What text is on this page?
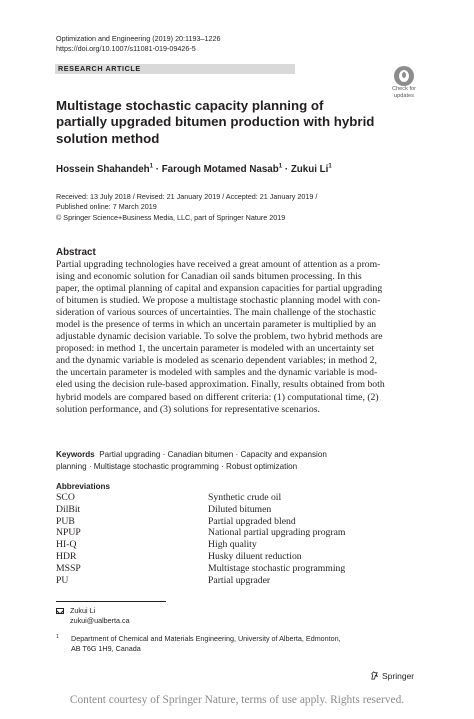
Optimization and Engineering (2019) 20:1193–1226
https://doi.org/10.1007/s11081-019-09426-5
RESEARCH ARTICLE
Check for
updates
Multistage stochastic capacity planning of partially upgraded bitumen production with hybrid solution method
Hossein Shahandeh$^1$ · Farough Motamed Nasab$^1$ · Zukui Li$^1$
Received: 13 July 2018 / Revised: 21 January 2019 / Accepted: 21 January 2019 /
Published online: 7 March 2019
© Springer Science+Business Media, LLC, part of Springer Nature 2019
Abstract
Partial upgrading technologies have received a great amount of attention as a prom-
ising and economic solution for Canadian oil sands bitumen processing. In this
paper, the optimal planning of capital and expansion capacities for partial upgrading
of bitumen is studied. We propose a multistage stochastic planning model with con-
sideration of various sources of uncertainties. The main challenge of the stochastic
model is the presence of terms in which an uncertain parameter is multiplied by an
adjustable dynamic decision variable. To solve the problem, two hybrid methods are
proposed: in method 1, the uncertain parameter is modeled with an uncertainty set
and the dynamic variable is modeled as scenario dependent variables; in method 2,
the uncertain parameter is modeled with samples and the dynamic variable is mod-
eled using the decision rule-based approximation. Finally, results obtained from both
hybrid models are compared based on different criteria: (1) computational time, (2)
solution performance, and (3) solutions for representative scenarios.
Keywords Partial upgrading · Canadian bitumen · Capacity and expansion
planning · Multistage stochastic programming · Robust optimization
Abbreviations
SCO	Synthetic crude oil
DilBit	Diluted bitumen
PUB	Partial upgraded blend
NPUP	National partial upgrading program
HI-Q	High quality
HDR	Husky diluent reduction
MSSP	Multistage stochastic programming
PU	Partial upgrader
Zukui Li
zukui@ualberta.ca
1 Department of Chemical and Materials Engineering, University of Alberta, Edmonton,
AB T6G 1H9, Canada
Springer
Content courtesy of Springer Nature, terms of use apply. Rights reserved.
